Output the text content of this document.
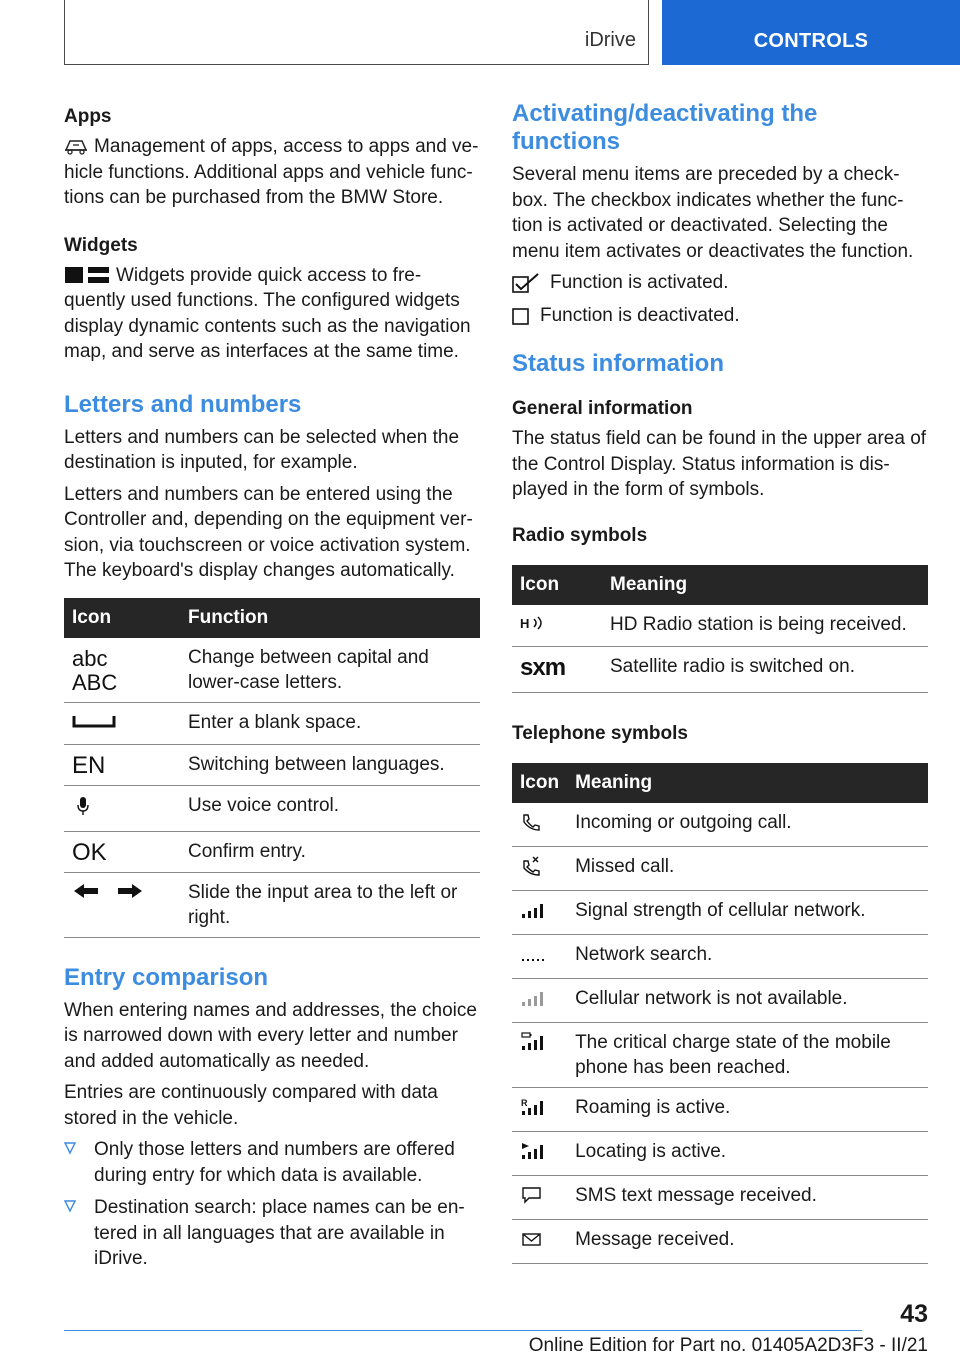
iDrive	CONTROLS
Apps
Management of apps, access to apps and ve‐hicle functions. Additional apps and vehicle func‐tions can be purchased from the BMW Store.
Widgets
Widgets provide quick access to fre‐quently used functions. The configured widgets display dynamic contents such as the navigation map, and serve as interfaces at the same time.
Letters and numbers
Letters and numbers can be selected when the destination is inputed, for example.
Letters and numbers can be entered using the Controller and, depending on the equipment ver‐sion, via touchscreen or voice activation system. The keyboard's display changes automatically.
Icon	Function

abc
ABC	Change between capital and lower-case letters.
	Enter a blank space.

EN	Switching between languages.
	Use voice control.

OK	Confirm entry.
	Slide the input area to the left or right.
Entry comparison
When entering names and addresses, the choice is narrowed down with every letter and number and added automatically as needed.
Entries are continuously compared with data stored in the vehicle.
Only those letters and numbers are offered during entry for which data is available.
Destination search: place names can be en‐tered in all languages that are available in iDrive.
Activating/deactivating the functions
Several menu items are preceded by a check‐box. The checkbox indicates whether the func‐tion is activated or deactivated. Selecting the menu item activates or deactivates the function.
Function is activated.
Function is deactivated.
Status information
General information
The status field can be found in the upper area of the Control Display. Status information is dis‐played in the form of symbols.
Radio symbols
Icon	Meaning

H	HD Radio station is being received.

sxm	Satellite radio is switched on.
Telephone symbols
Icon	Meaning
	Incoming or outgoing call.
	Missed call.
	Signal strength of cellular network.
	Network search.
	Cellular network is not available.
	The critical charge state of the mobile phone has been reached.

R	Roaming is active.
	Locating is active.
	SMS text message received.
	Message received.
43
Online Edition for Part no. 01405A2D3F3 - II/21
